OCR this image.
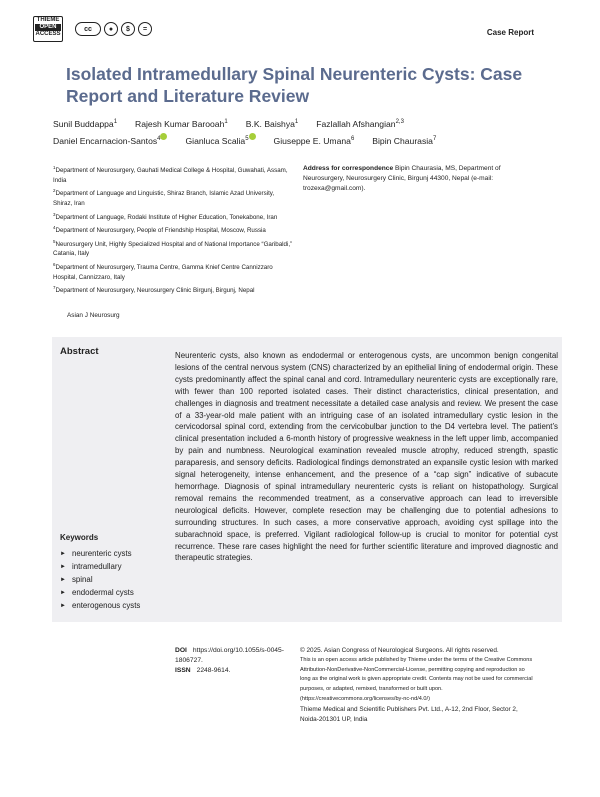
THIEME
OPEN
ACCESS
cc	●	$	=	Case Report
Isolated Intramedullary Spinal Neurenteric Cysts: Case Report and Literature Review
Sunil Buddappa$^1$ Rajesh Kumar Barooah$^1$ B.K. Baishya$^1$ Fazlallah Afshangian$^{2,3}$
Daniel Encarnacion-Santos$^4$	Gianluca Scalia$^5$	Giuseppe E. Umana$^6$ Bipin Chaurasia$^7$
$^1$Department of Neurosurgery, Gauhati Medical College & Hospital, Guwahati, Assam, India
$^2$Department of Language and Linguistic, Shiraz Branch, Islamic Azad University, Shiraz, Iran
$^3$Department of Language, Rodaki Institute of Higher Education, Tonekabone, Iran
$^4$Department of Neurosurgery, People of Friendship Hospital, Moscow, Russia
$^5$Neurosurgery Unit, Highly Specialized Hospital and of National Importance “Garibaldi,” Catania, Italy
$^6$Department of Neurosurgery, Trauma Centre, Gamma Knief Centre Cannizzaro Hospital, Cannizzaro, Italy
$^7$Department of Neurosurgery, Neurosurgery Clinic Birgunj, Birgunj, Nepal
Asian J Neurosurg
Address for correspondence Bipin Chaurasia, MS, Department of Neurosurgery, Neurosurgery Clinic, Birgunj 44300, Nepal (e-mail: trozexa@gmail.com).
Abstract	Neurenteric cysts, also known as endodermal or enterogenous cysts, are uncommon benign congenital lesions of the central nervous system (CNS) characterized by an epithelial lining of endodermal origin. These cysts predominantly affect the spinal canal and cord. Intramedullary neurenteric cysts are exceptionally rare, with fewer than 100 reported isolated cases. Their distinct characteristics, clinical presentation, and challenges in diagnosis and treatment necessitate a detailed case analysis and review. We present the case of a 33-year-old male patient with an intriguing case of an isolated intramedullary cystic lesion in the cervicodorsal spinal cord, extending from the cervicobulbar junction to the D4 vertebra level. The patient’s clinical presentation included a 6-month history of progressive weakness in the left upper limb, accompanied by pain and numbness. Neurological examination revealed muscle atrophy, reduced strength, spastic paraparesis, and sensory deficits. Radiological findings demonstrated an expansile cystic lesion with marked signal heterogeneity, intense enhancement, and the presence of a “cap sign” indicative of subacute hemorrhage. Diagnosis of spinal intramedullary neurenteric cysts is reliant on histopathology. Surgical removal remains the recommended treatment, as a conservative approach can lead to irreversible neurological deficits. However, complete resection may be challenging due to potential adhesions to surrounding structures. In such cases, a more conservative approach, avoiding cyst spillage into the subarachnoid space, is preferred. Vigilant radiological follow-up is crucial to monitor for potential cyst recurrence. These rare cases highlight the need for further scientific literature and improved diagnostic and therapeutic strategies.
Keywords
► neurenteric cysts
► intramedullary
► spinal
► endodermal cysts
► enterogenous cysts
DOI https://doi.org/10.1055/s-0045-1806727.
ISSN 2248-9614.
© 2025. Asian Congress of Neurological Surgeons. All rights reserved.
This is an open access article published by Thieme under the terms of the Creative Commons Attribution-NonDerivative-NonCommercial-License, permitting copying and reproduction so long as the original work is given appropriate credit. Contents may not be used for commercial purposes, or adapted, remixed, transformed or built upon. (https://creativecommons.org/licenses/by-nc-nd/4.0/)
Thieme Medical and Scientific Publishers Pvt. Ltd., A-12, 2nd Floor, Sector 2, Noida-201301 UP, India
